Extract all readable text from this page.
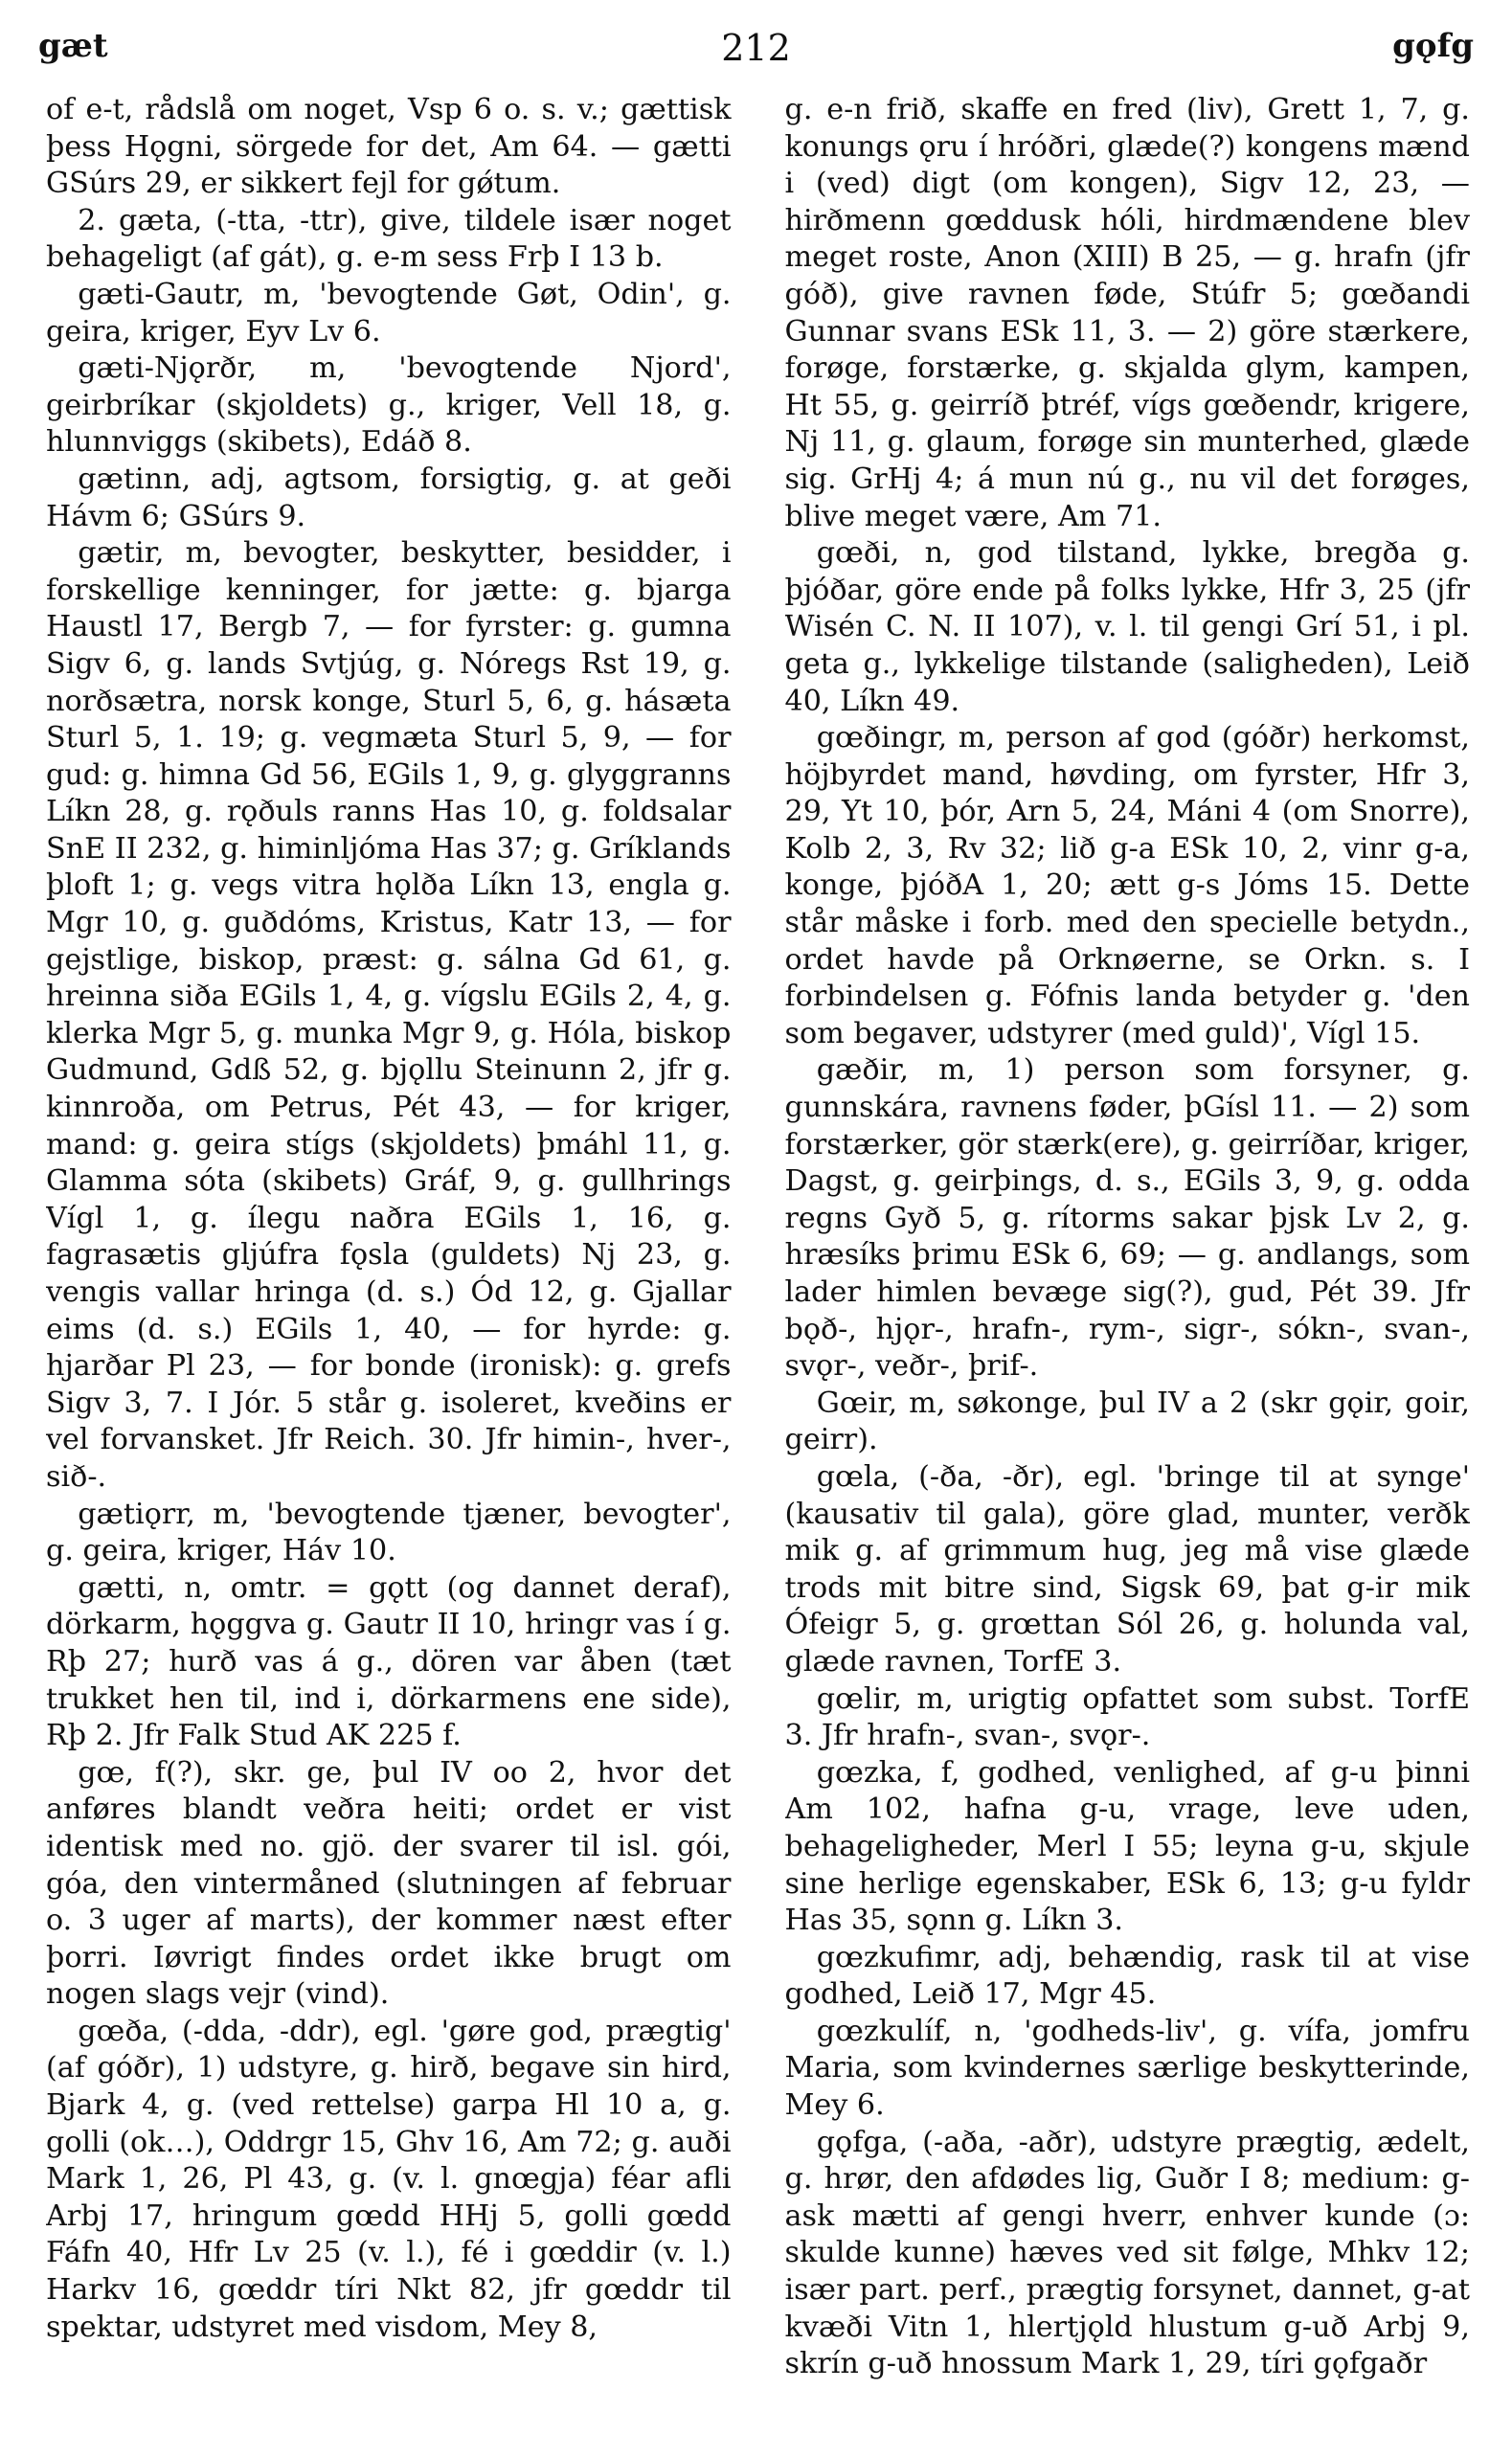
gæt	212	gǫfg

of e-t, rådslå om noget, Vsp 6 o. s. v.; gættisk þess Hǫgni, sörgede for det, Am 64. — gætti GSúrs 29, er sikkert fejl for gǿtum.

2. gæta, (-tta, -ttr), give, tildele især noget behageligt (af gát), g. e-m sess Frþ I 13 b.

gæti-Gautr, m, 'bevogtende Gøt, Odin', g. geira, kriger, Eyv Lv 6.

gæti-Njǫrðr, m, 'bevogtende Njord', geirbríkar (skjoldets) g., kriger, Vell 18, g. hlunnviggs (skibets), Edáð 8.

gætinn, adj, agtsom, forsigtig, g. at geði Hávm 6; GSúrs 9.

gætir, m, bevogter, beskytter, besidder, i forskellige kenninger, for jætte: g. bjarga Haustl 17, Bergb 7, — for fyrster: g. gumna Sigv 6, g. lands Svtjúg, g. Nóregs Rst 19, g. norðsætra, norsk konge, Sturl 5, 6, g. hásæta Sturl 5, 1. 19; g. vegmæta Sturl 5, 9, — for gud: g. himna Gd 56, EGils 1, 9, g. glyggranns Líkn 28, g. rǫðuls ranns Has 10, g. foldsalar SnE II 232, g. himinljóma Has 37; g. Gríklands þloft 1; g. vegs vitra hǫlða Líkn 13, engla g. Mgr 10, g. guðdóms, Kristus, Katr 13, — for gejstlige, biskop, præst: g. sálna Gd 61, g. hreinna siða EGils 1, 4, g. vígslu EGils 2, 4, g. klerka Mgr 5, g. munka Mgr 9, g. Hóla, biskop Gudmund, Gdß 52, g. bjǫllu Steinunn 2, jfr g. kinnroða, om Petrus, Pét 43, — for kriger, mand: g. geira stígs (skjoldets) þmáhl 11, g. Glamma sóta (skibets) Gráf, 9, g. gullhrings Vígl 1, g. ílegu naðra EGils 1, 16, g. fagrasætis gljúfra fǫsla (guldets) Nj 23, g. vengis vallar hringa (d. s.) Ód 12, g. Gjallar eims (d. s.) EGils 1, 40, — for hyrde: g. hjarðar Pl 23, — for bonde (ironisk): g. grefs Sigv 3, 7. I Jór. 5 står g. isoleret, kveðins er vel forvansket. Jfr Reich. 30. Jfr himin-, hver-, sið-.

gætiǫrr, m, 'bevogtende tjæner, bevogter', g. geira, kriger, Háv 10.

gætti, n, omtr. = gǫtt (og dannet deraf), dörkarm, hǫggva g. Gautr II 10, hringr vas í g. Rþ 27; hurð vas á g., dören var åben (tæt trukket hen til, ind i, dörkarmens ene side), Rþ 2. Jfr Falk Stud AK 225 f.

gœ, f(?), skr. ge, þul IV oo 2, hvor det anføres blandt veðra heiti; ordet er vist identisk med no. gjö. der svarer til isl. gói, góa, den vintermåned (slutningen af februar o. 3 uger af marts), der kommer næst efter þorri. Iøvrigt findes ordet ikke brugt om nogen slags vejr (vind).

gœða, (-dda, -ddr), egl. 'gøre god, prægtig' (af góðr), 1) udstyre, g. hirð, begave sin hird, Bjark 4, g. (ved rettelse) garpa Hl 10 a, g. golli (ok…), Oddrgr 15, Ghv 16, Am 72; g. auði Mark 1, 26, Pl 43, g. (v. l. gnœgja) féar afli Arbj 17, hringum gœdd HHj 5, golli gœdd Fáfn 40, Hfr Lv 25 (v. l.), fé i gœddir (v. l.) Harkv 16, gœddr tíri Nkt 82, jfr gœddr til spektar, udstyret med visdom, Mey 8,

g. e-n frið, skaffe en fred (liv), Grett 1, 7, g. konungs ǫru í hróðri, glæde(?) kongens mænd i (ved) digt (om kongen), Sigv 12, 23, — hirðmenn gœddusk hóli, hirdmændene blev meget roste, Anon (XIII) B 25, — g. hrafn (jfr góð), give ravnen føde, Stúfr 5; gœðandi Gunnar svans ESk 11, 3. — 2) göre stærkere, forøge, forstærke, g. skjalda glym, kampen, Ht 55, g. geirríð þtréf, vígs gœðendr, krigere, Nj 11, g. glaum, forøge sin munterhed, glæde sig. GrHj 4; á mun nú g., nu vil det forøges, blive meget være, Am 71.

gœði, n, god tilstand, lykke, bregða g. þjóðar, göre ende på folks lykke, Hfr 3, 25 (jfr Wisén C. N. II 107), v. l. til gengi Grí 51, i pl. geta g., lykkelige tilstande (saligheden), Leið 40, Líkn 49.

gœðingr, m, person af god (góðr) herkomst, höjbyrdet mand, høvding, om fyrster, Hfr 3, 29, Yt 10, þór, Arn 5, 24, Máni 4 (om Snorre), Kolb 2, 3, Rv 32; lið g-a ESk 10, 2, vinr g-a, konge, þjóðA 1, 20; ætt g-s Jóms 15. Dette står måske i forb. med den specielle betydn., ordet havde på Orknøerne, se Orkn. s. I forbindelsen g. Fófnis landa betyder g. 'den som begaver, udstyrer (med guld)', Vígl 15.

gæðir, m, 1) person som forsyner, g. gunnskára, ravnens føder, þGísl 11. — 2) som forstærker, gör stærk(ere), g. geirríðar, kriger, Dagst, g. geirþings, d. s., EGils 3, 9, g. odda regns Gyð 5, g. rítorms sakar þjsk Lv 2, g. hræsíks þrimu ESk 6, 69; — g. andlangs, som lader himlen bevæge sig(?), gud, Pét 39. Jfr bǫð-, hjǫr-, hrafn-, rym-, sigr-, sókn-, svan-, svǫr-, veðr-, þrif-.

Gœir, m, søkonge, þul IV a 2 (skr gǫir, goir, geirr).

gœla, (-ða, -ðr), egl. 'bringe til at synge' (kausativ til gala), göre glad, munter, verðk mik g. af grimmum hug, jeg må vise glæde trods mit bitre sind, Sigsk 69, þat g-ir mik Ófeigr 5, g. grœttan Sól 26, g. holunda val, glæde ravnen, TorfE 3.

gœlir, m, urigtig opfattet som subst. TorfE 3. Jfr hrafn-, svan-, svǫr-.

gœzka, f, godhed, venlighed, af g-u þinni Am 102, hafna g-u, vrage, leve uden, behageligheder, Merl I 55; leyna g-u, skjule sine herlige egenskaber, ESk 6, 13; g-u fyldr Has 35, sǫnn g. Líkn 3.

gœzkufimr, adj, behændig, rask til at vise godhed, Leið 17, Mgr 45.

gœzkulíf, n, 'godheds-liv', g. vífa, jomfru Maria, som kvindernes særlige beskytterinde, Mey 6.

gǫfga, (-aða, -aðr), udstyre prægtig, ædelt, g. hrør, den afdødes lig, Guðr I 8; medium: g-ask mætti af gengi hverr, enhver kunde (ɔ: skulde kunne) hæves ved sit følge, Mhkv 12; især part. perf., prægtig forsynet, dannet, g-at kvæði Vitn 1, hlertjǫld hlustum g-uð Arbj 9, skrín g-uð hnossum Mark 1, 29, tíri gǫfgaðr
